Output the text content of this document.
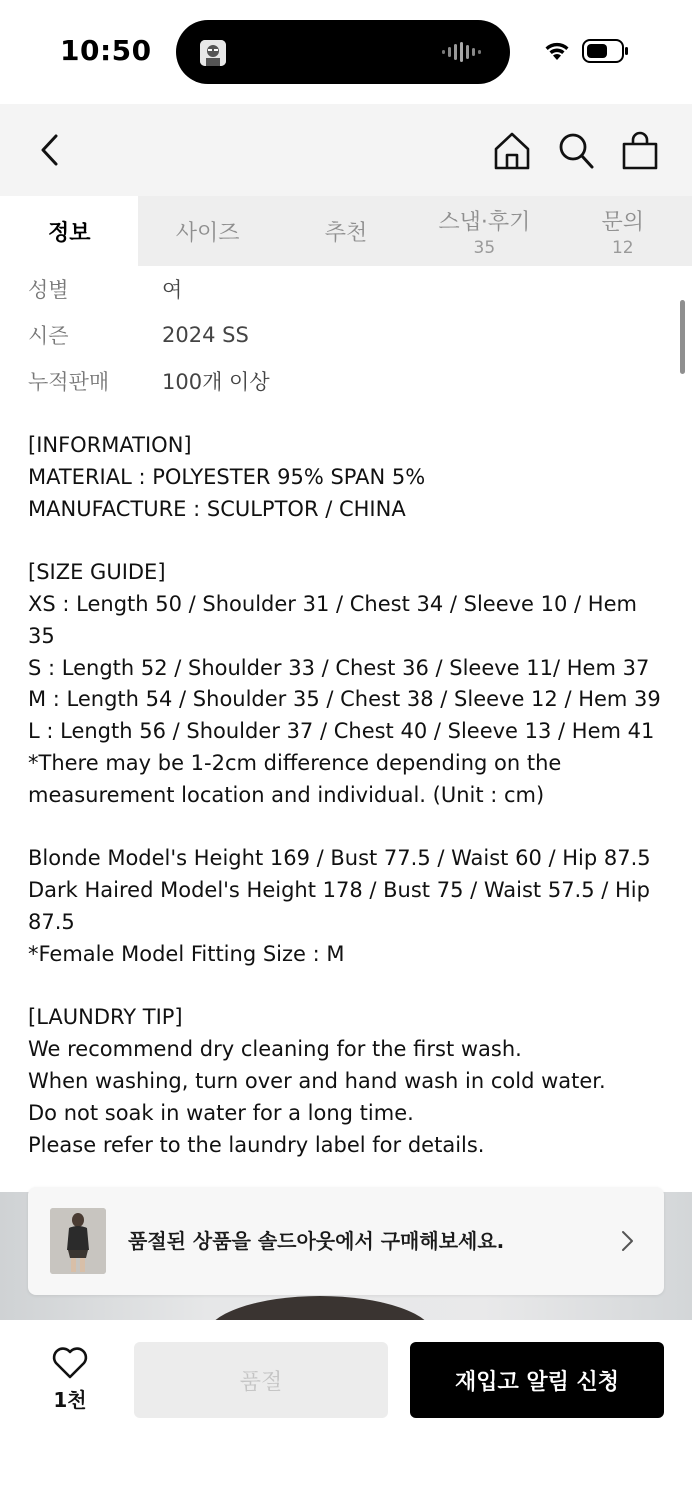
10:50
정보	사이즈	추천	스냅·후기
35
문의
12
성별	여
시즌	2024 SS
누적판매	100개 이상

[INFORMATION]

MATERIAL : POLYESTER 95% SPAN 5%

MANUFACTURE : SCULPTOR / CHINA

[SIZE GUIDE]

XS : Length 50 / Shoulder 31 / Chest 34 / Sleeve 10 / Hem 35

S : Length 52 / Shoulder 33 / Chest 36 / Sleeve 11/ Hem 37

M : Length 54 / Shoulder 35 / Chest 38 / Sleeve 12 / Hem 39

L : Length 56 / Shoulder 37 / Chest 40 / Sleeve 13 / Hem 41

*There may be 1-2cm difference depending on the

measurement location and individual. (Unit : cm)

Blonde Model's Height 169 / Bust 77.5 / Waist 60 / Hip 87.5

Dark Haired Model's Height 178 / Bust 75 / Waist 57.5 / Hip

87.5

*Female Model Fitting Size : M

[LAUNDRY TIP]

We recommend dry cleaning for the first wash.

When washing, turn over and hand wash in cold water.

Do not soak in water for a long time.

Please refer to the laundry label for details.

품절된 상품을 솔드아웃에서 구매해보세요.
1천
품절	재입고 알림 신청
